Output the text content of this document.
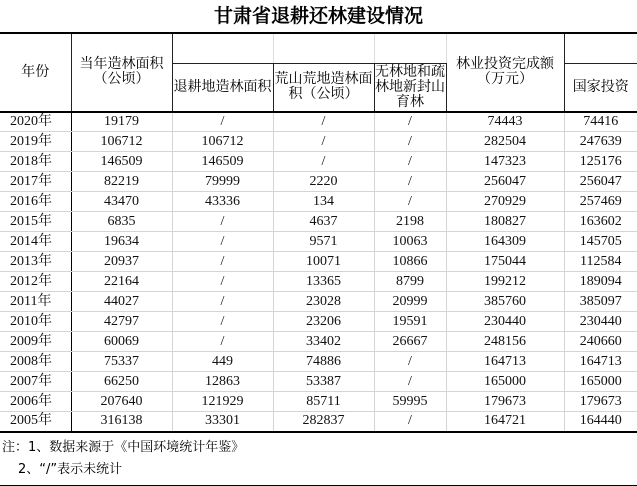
甘肃省退耕还林建设情况
年份	当年造林面积（公顷）				林业投资完成额（万元）	
		退耕地造林面积	荒山荒地造林面积（公顷）	无林地和疏林地新封山育林		国家投资
2020年	19179	/	/	/	74443	74416
2019年	106712	106712	/	/	282504	247639
2018年	146509	146509	/	/	147323	125176
2017年	82219	79999	2220	/	256047	256047
2016年	43470	43336	134	/	270929	257469
2015年	6835	/	4637	2198	180827	163602
2014年	19634	/	9571	10063	164309	145705
2013年	20937	/	10071	10866	175044	112584
2012年	22164	/	13365	8799	199212	189094
2011年	44027	/	23028	20999	385760	385097
2010年	42797	/	23206	19591	230440	230440
2009年	60069	/	33402	26667	248156	240660
2008年	75337	449	74886	/	164713	164713
2007年	66250	12863	53387	/	165000	165000
2006年	207640	121929	85711	59995	179673	179673
2005年	316138	33301	282837	/	164721	164440
注：1、数据来源于《中国环境统计年鉴》
2、“/”表示未统计
